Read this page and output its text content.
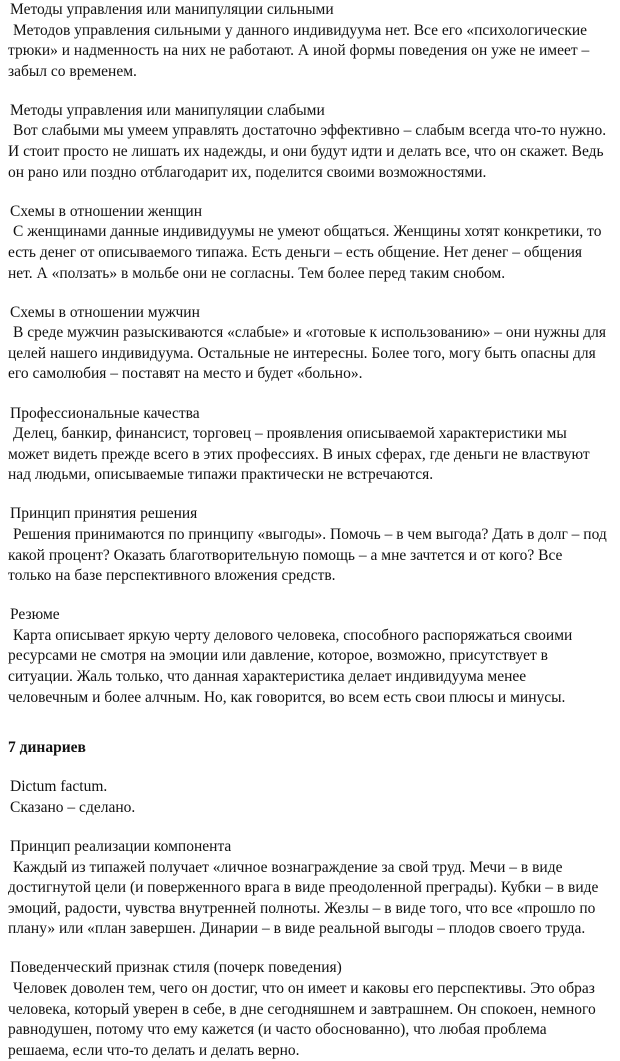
Методы управления или манипуляции сильными

Методов управления сильными у данного индивидуума нет. Все его «психологические трюки» и надменность на них не работают. А иной формы поведения он уже не имеет – забыл со временем.

Методы управления или манипуляции слабыми

Вот слабыми мы умеем управлять достаточно эффективно – слабым всегда что-то нужно. И стоит просто не лишать их надежды, и они будут идти и делать все, что он скажет. Ведь он рано или поздно отблагодарит их, поделится своими возможностями.

Схемы в отношении женщин

С женщинами данные индивидуумы не умеют общаться. Женщины хотят конкретики, то есть денег от описываемого типажа. Есть деньги – есть общение. Нет денег – общения нет. А «ползать» в мольбе они не согласны. Тем более перед таким снобом.

Схемы в отношении мужчин

В среде мужчин разыскиваются «слабые» и «готовые к использованию» – они нужны для целей нашего индивидуума. Остальные не интересны. Более того, могу быть опасны для его самолюбия – поставят на место и будет «больно».

Профессиональные качества

Делец, банкир, финансист, торговец – проявления описываемой характеристики мы может видеть прежде всего в этих профессиях. В иных сферах, где деньги не властвуют над людьми, описываемые типажи практически не встречаются.

Принцип принятия решения

Решения принимаются по принципу «выгоды». Помочь – в чем выгода? Дать в долг – под какой процент? Оказать благотворительную помощь – а мне зачтется и от кого? Все только на базе перспективного вложения средств.

Резюме

Карта описывает яркую черту делового человека, способного распоряжаться своими ресурсами не смотря на эмоции или давление, которое, возможно, присутствует в ситуации. Жаль только, что данная характеристика делает индивидуума менее человечным и более алчным. Но, как говорится, во всем есть свои плюсы и минусы.

7 динариев

Dictum factum.

Сказано – сделано.

Принцип реализации компонента

Каждый из типажей получает «личное вознаграждение за свой труд. Мечи – в виде достигнутой цели (и поверженного врага в виде преодоленной преграды). Кубки – в виде эмоций, радости, чувства внутренней полноты. Жезлы – в виде того, что все «прошло по плану» или «план завершен. Динарии – в виде реальной выгоды – плодов своего труда.

Поведенческий признак стиля (почерк поведения)

Человек доволен тем, чего он достиг, что он имеет и каковы его перспективы. Это образ человека, который уверен в себе, в дне сегодняшнем и завтрашнем. Он спокоен, немного равнодушен, потому что ему кажется (и часто обоснованно), что любая проблема решаема, если что-то делать и делать верно.
